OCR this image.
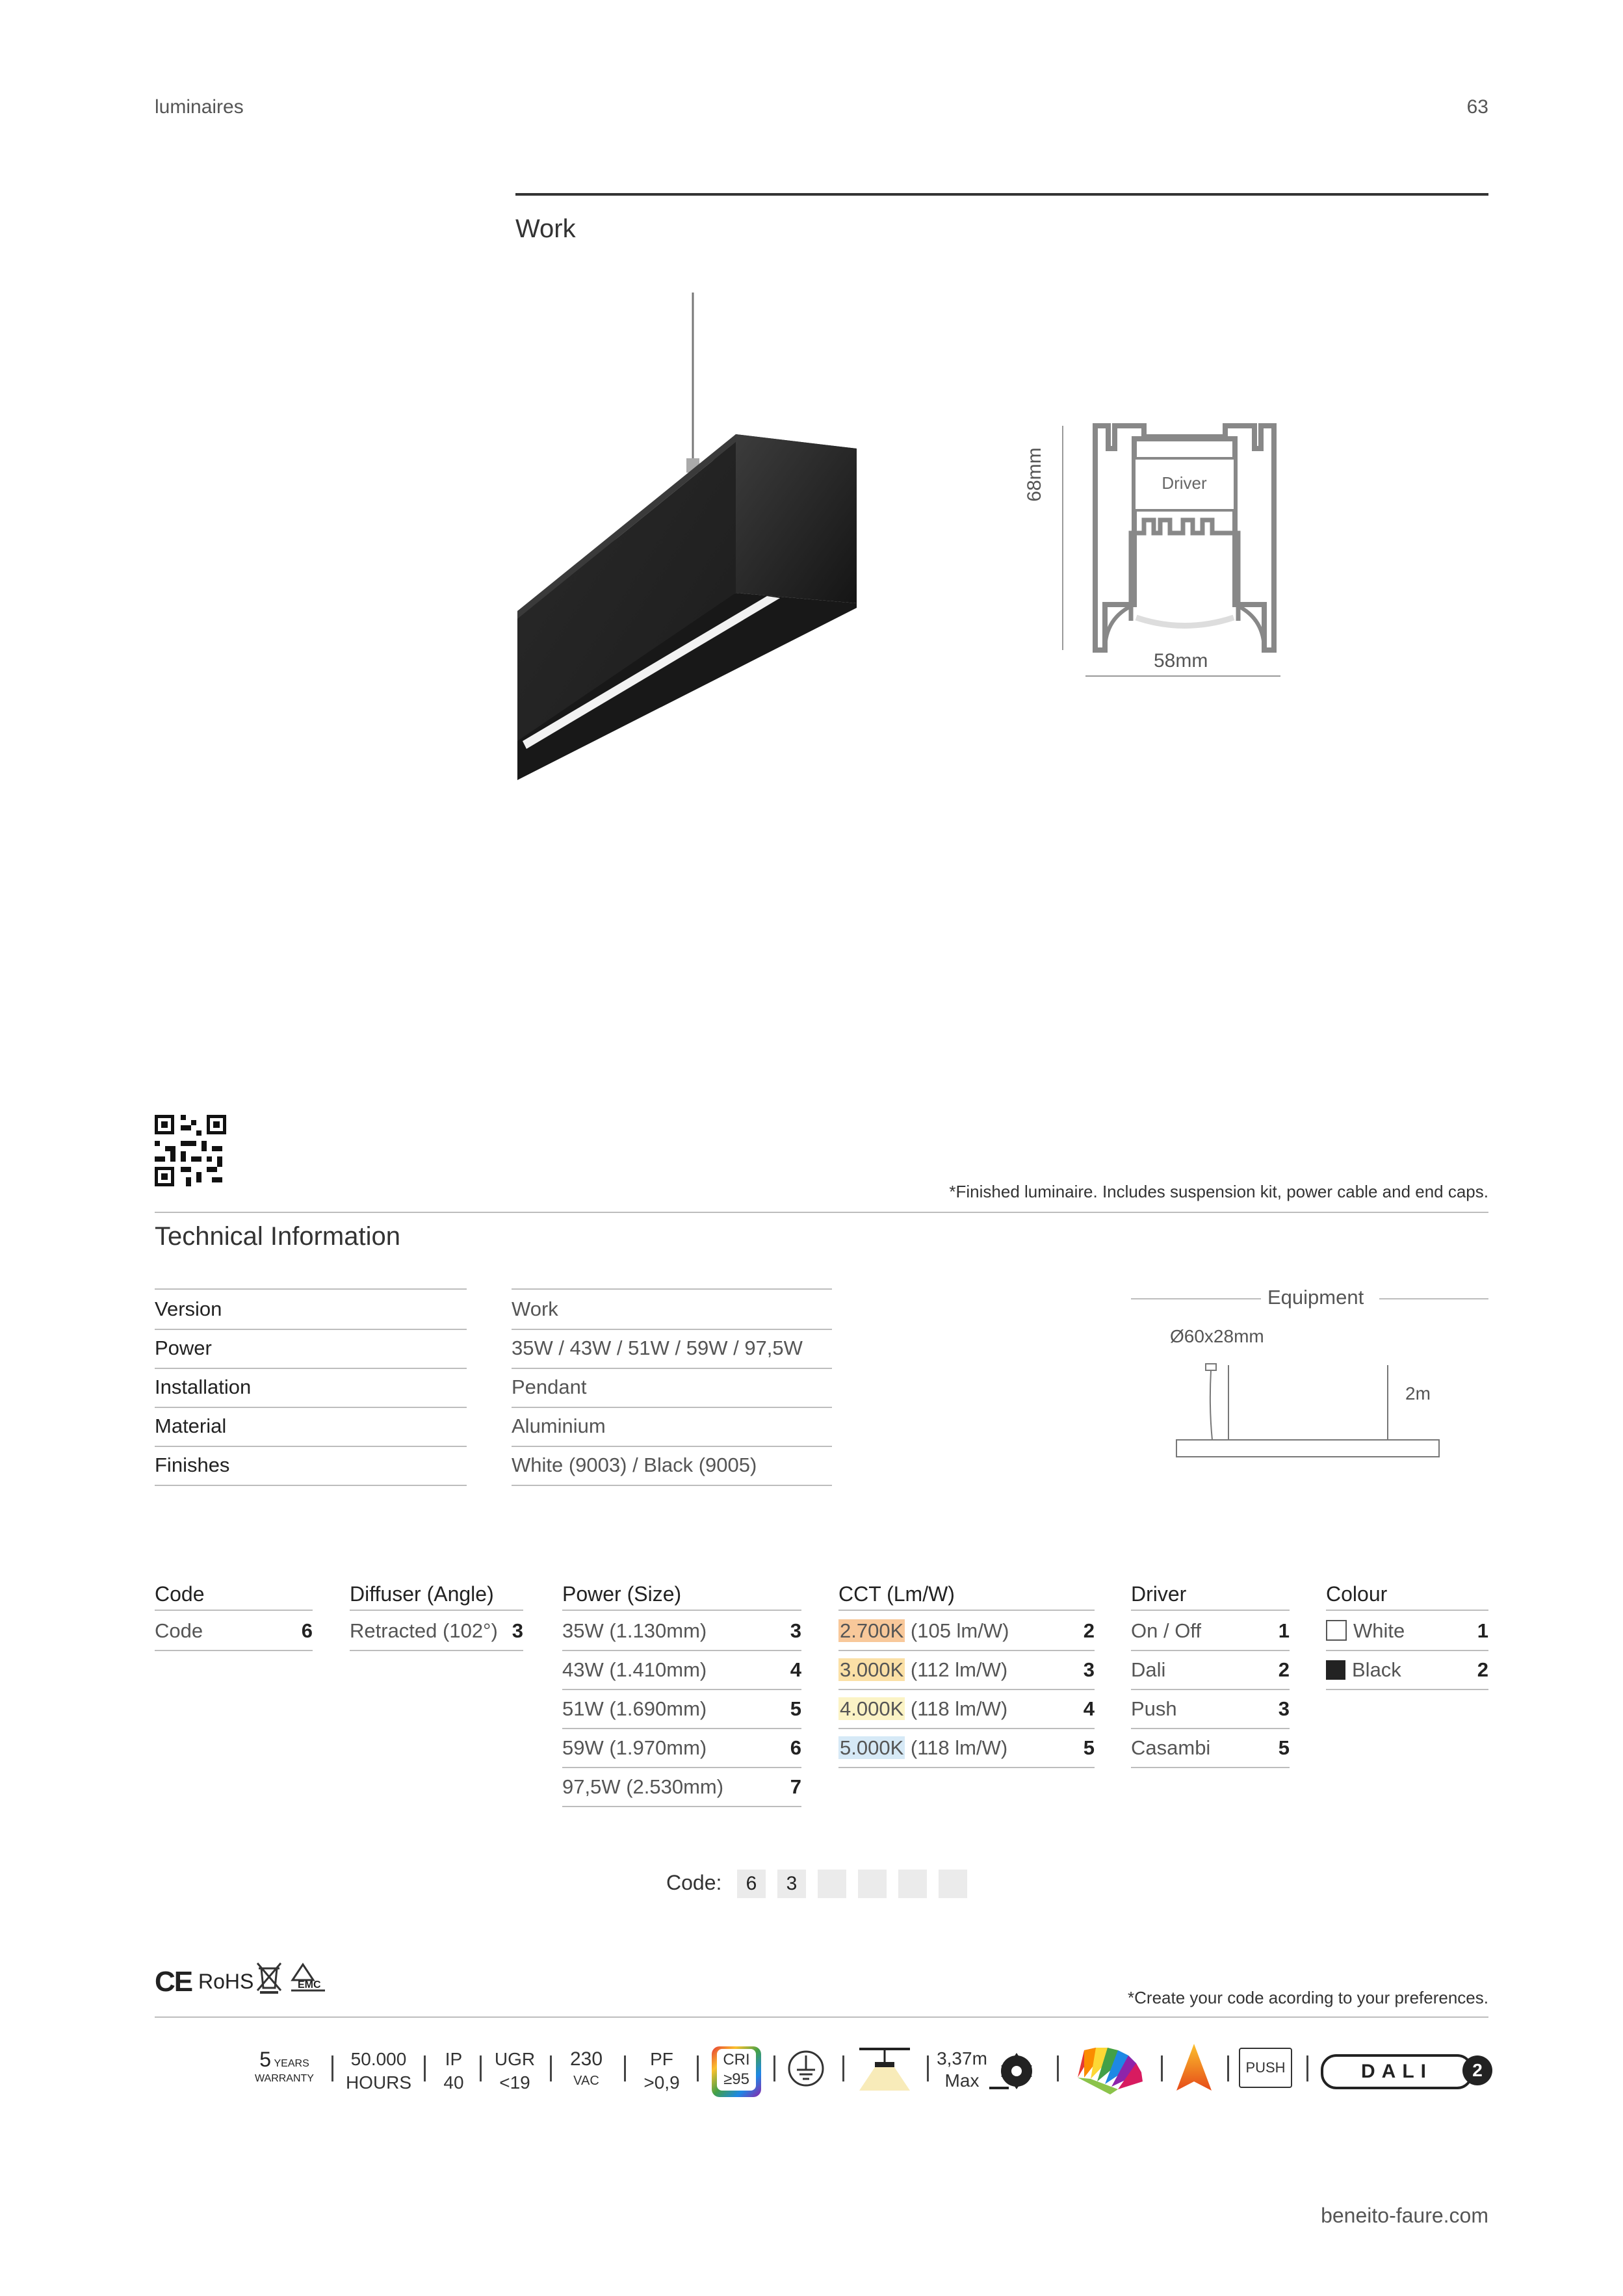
luminaires	63
Work
Driver
68mm
58mm
*Finished luminaire. Includes suspension kit, power cable and end caps.
Technical Information
Version	Work
Power	35W / 43W / 51W / 59W / 97,5W
Installation	Pendant
Material	Aluminium
Finishes	White (9003) / Black (9005)
Equipment
Ø60x28mm
2m
Code
Code	6
Diffuser (Angle)
Retracted (102°) 3
Power (Size)
35W (1.130mm)	3
43W (1.410mm)	4
51W (1.690mm)	5
59W (1.970mm)	6
97,5W (2.530mm)	7
CCT (Lm/W)
2.700K (105 lm/W)	2
3.000K (112 lm/W)	3
4.000K (118 lm/W)	4
5.000K (118 lm/W)	5
Driver
On / Off	1
Dali	2
Push	3
Casambi	5
Colour
White	1
Black	2
Code:	6	3
CE RoHS	EMC
*Create your code acording to your preferences.
5 YEARS
WARRANTY
50.000
HOURS
IP
40
UGR
<19
230
VAC
PF
>0,9
CRI
≥95
3,37m
Max
PUSH	DALI	2
beneito-faure.com
